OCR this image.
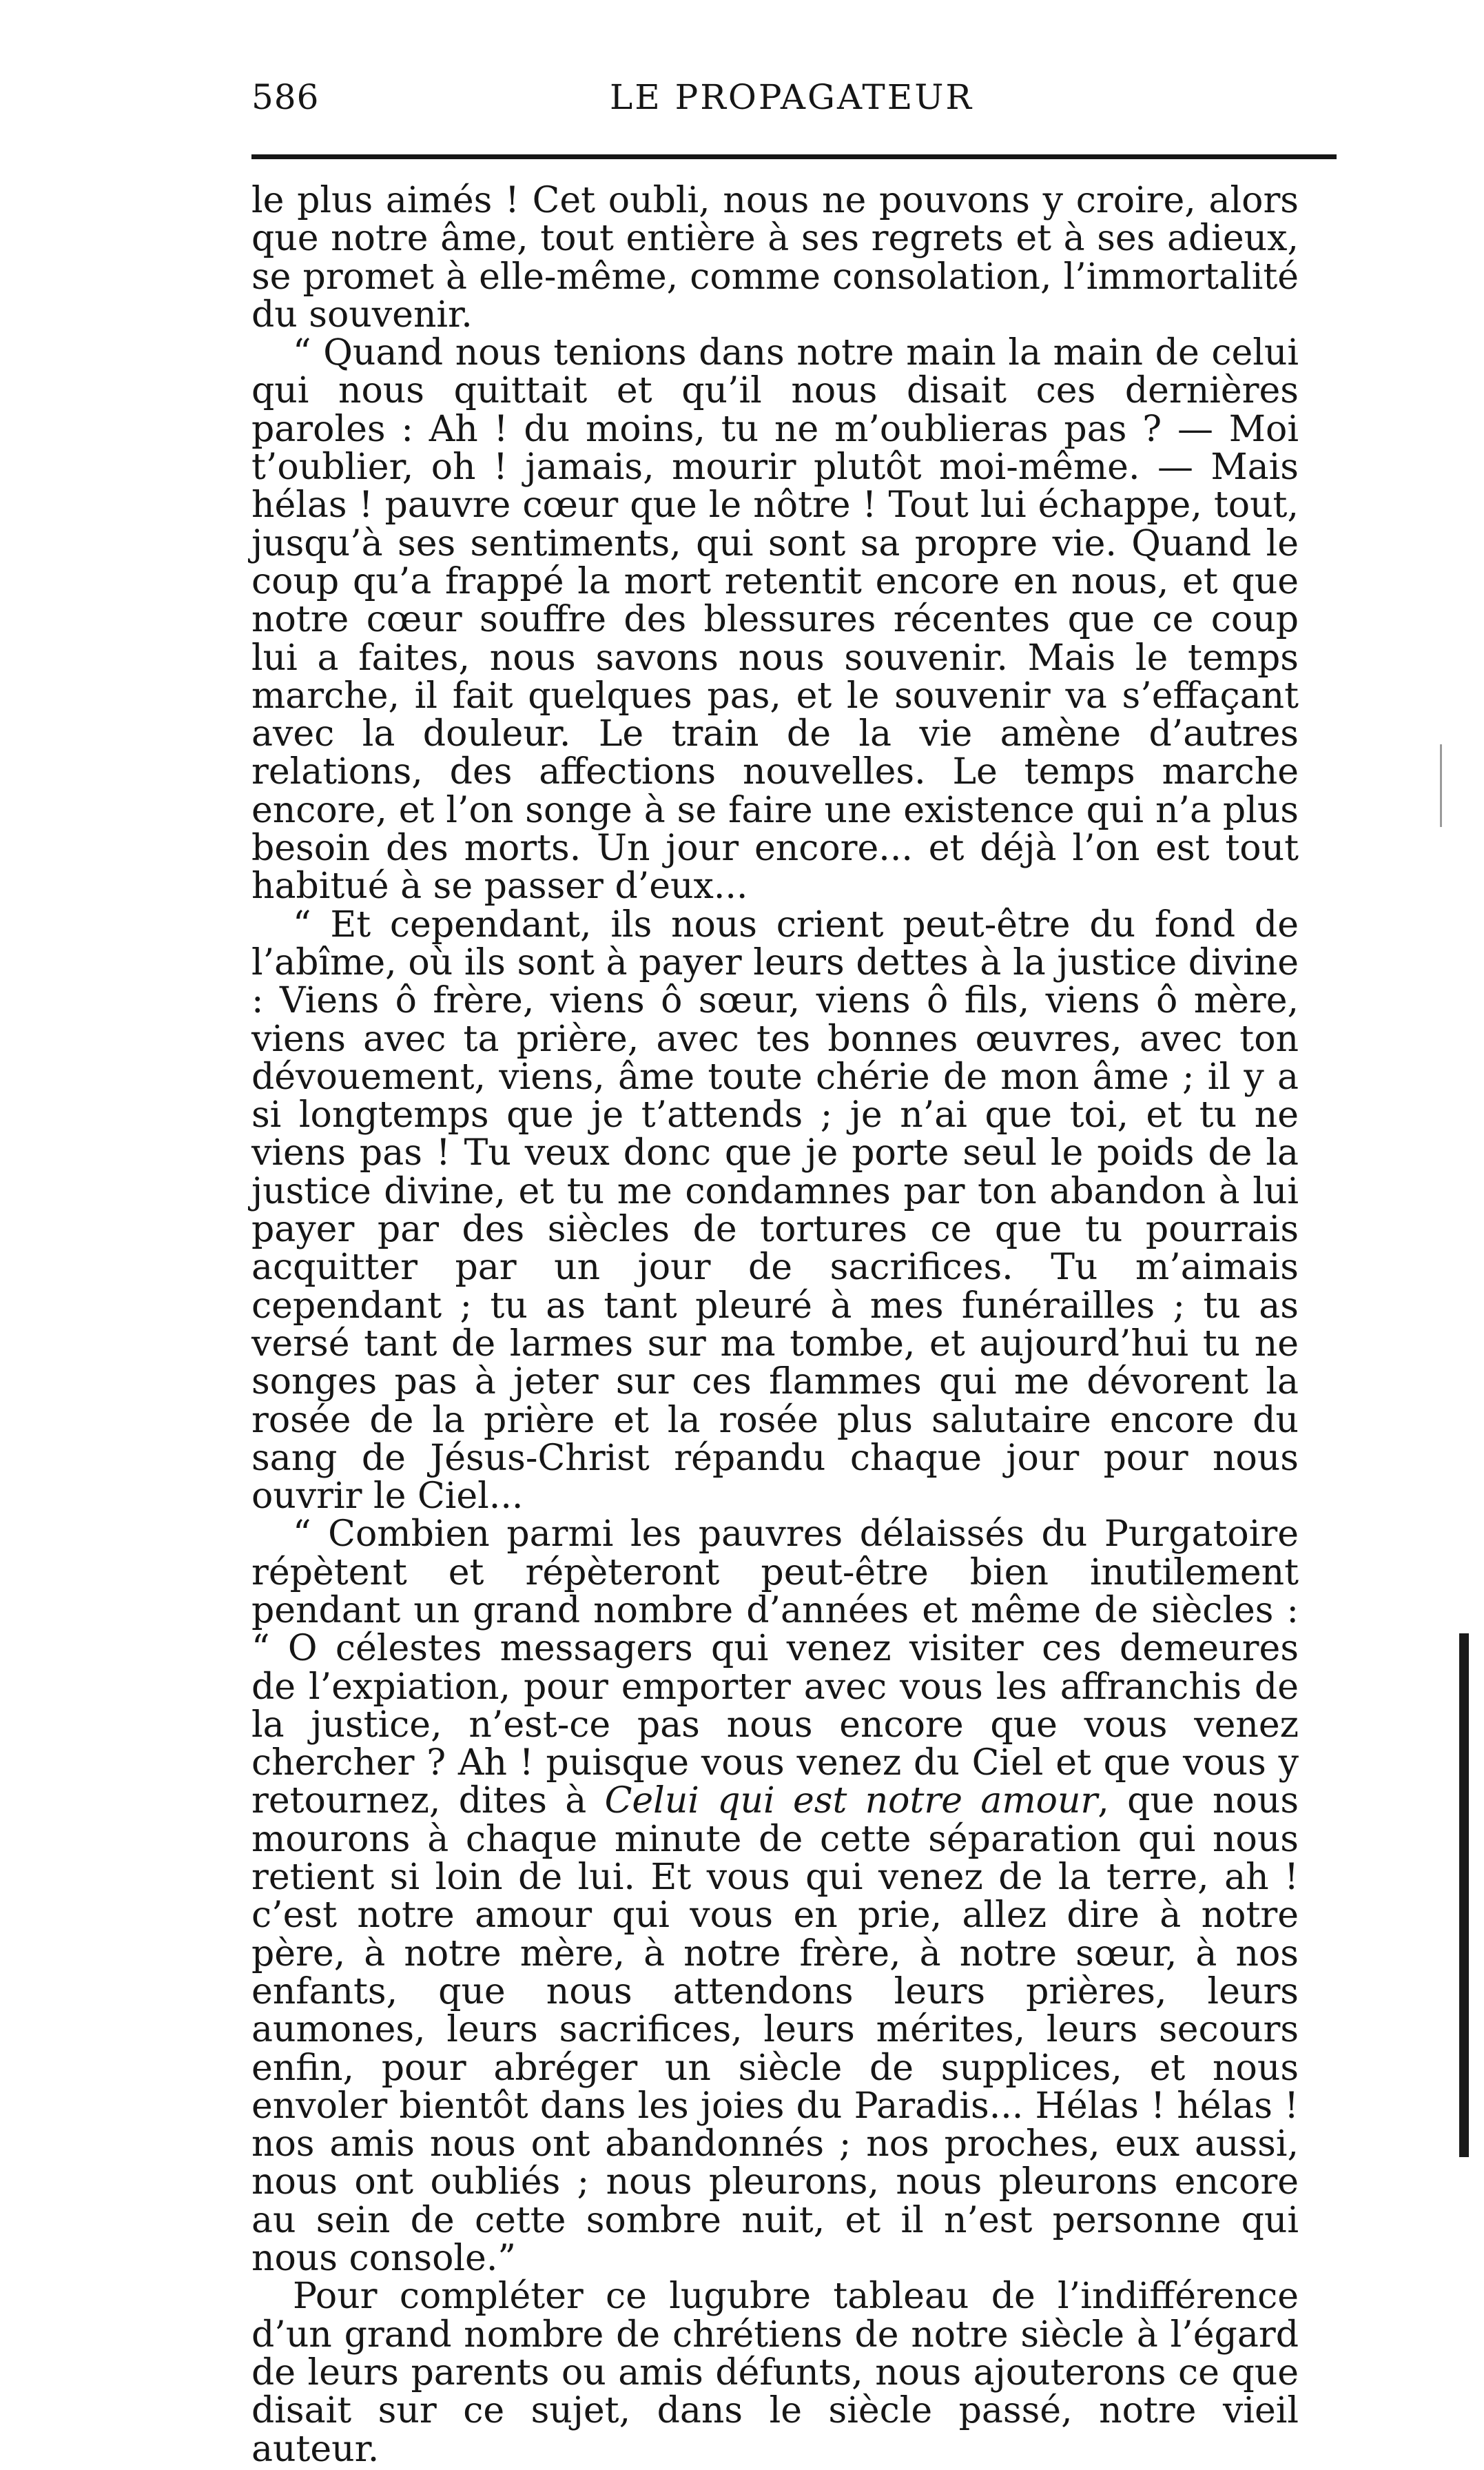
586	LE PROPAGATEUR

le plus aimés ! Cet oubli, nous ne pouvons y croire, alors que notre âme, tout entière à ses regrets et à ses adieux, se promet à elle-même, comme consolation, l’immortalité du souvenir.

“ Quand nous tenions dans notre main la main de celui qui nous quittait et qu’il nous disait ces dernières paroles : Ah ! du moins, tu ne m’oublieras pas ? — Moi t’oublier, oh ! jamais, mourir plutôt moi-même. — Mais hélas ! pauvre cœur que le nôtre ! Tout lui échappe, tout, jusqu’à ses sentiments, qui sont sa propre vie. Quand le coup qu’a frappé la mort retentit encore en nous, et que notre cœur souffre des blessures récentes que ce coup lui a faites, nous savons nous souvenir. Mais le temps marche, il fait quelques pas, et le souvenir va s’effaçant avec la douleur. Le train de la vie amène d’autres relations, des affections nouvelles. Le temps marche encore, et l’on songe à se faire une existence qui n’a plus besoin des morts. Un jour encore... et déjà l’on est tout habitué à se passer d’eux...

“ Et cependant, ils nous crient peut-être du fond de l’abîme, où ils sont à payer leurs dettes à la justice divine : Viens ô frère, viens ô sœur, viens ô fils, viens ô mère, viens avec ta prière, avec tes bonnes œuvres, avec ton dévouement, viens, âme toute chérie de mon âme ; il y a si longtemps que je t’attends ; je n’ai que toi, et tu ne viens pas ! Tu veux donc que je porte seul le poids de la justice divine, et tu me condamnes par ton abandon à lui payer par des siècles de tortures ce que tu pourrais acquitter par un jour de sacrifices. Tu m’aimais cependant ; tu as tant pleuré à mes funérailles ; tu as versé tant de larmes sur ma tombe, et aujourd’hui tu ne songes pas à jeter sur ces flammes qui me dévorent la rosée de la prière et la rosée plus salutaire encore du sang de Jésus-Christ répandu chaque jour pour nous ouvrir le Ciel...

“ Combien parmi les pauvres délaissés du Purgatoire répètent et répèteront peut-être bien inutilement pendant un grand nombre d’années et même de siècles : “ O célestes messagers qui venez visiter ces demeures de l’expiation, pour emporter avec vous les affranchis de la justice, n’est-ce pas nous encore que vous venez chercher ? Ah ! puisque vous venez du Ciel et que vous y retournez, dites à Celui qui est notre amour, que nous mourons à chaque minute de cette séparation qui nous retient si loin de lui. Et vous qui venez de la terre, ah ! c’est notre amour qui vous en prie, allez dire à notre père, à notre mère, à notre frère, à notre sœur, à nos enfants, que nous attendons leurs prières, leurs aumones, leurs sacrifices, leurs mérites, leurs secours enfin, pour abréger un siècle de supplices, et nous envoler bientôt dans les joies du Paradis... Hélas ! hélas ! nos amis nous ont abandonnés ; nos proches, eux aussi, nous ont oubliés ; nous pleurons, nous pleurons encore au sein de cette sombre nuit, et il n’est personne qui nous console.”

Pour compléter ce lugubre tableau de l’indifférence d’un grand nombre de chrétiens de notre siècle à l’égard de leurs parents ou amis défunts, nous ajouterons ce que disait sur ce sujet, dans le siècle passé, notre vieil auteur.
